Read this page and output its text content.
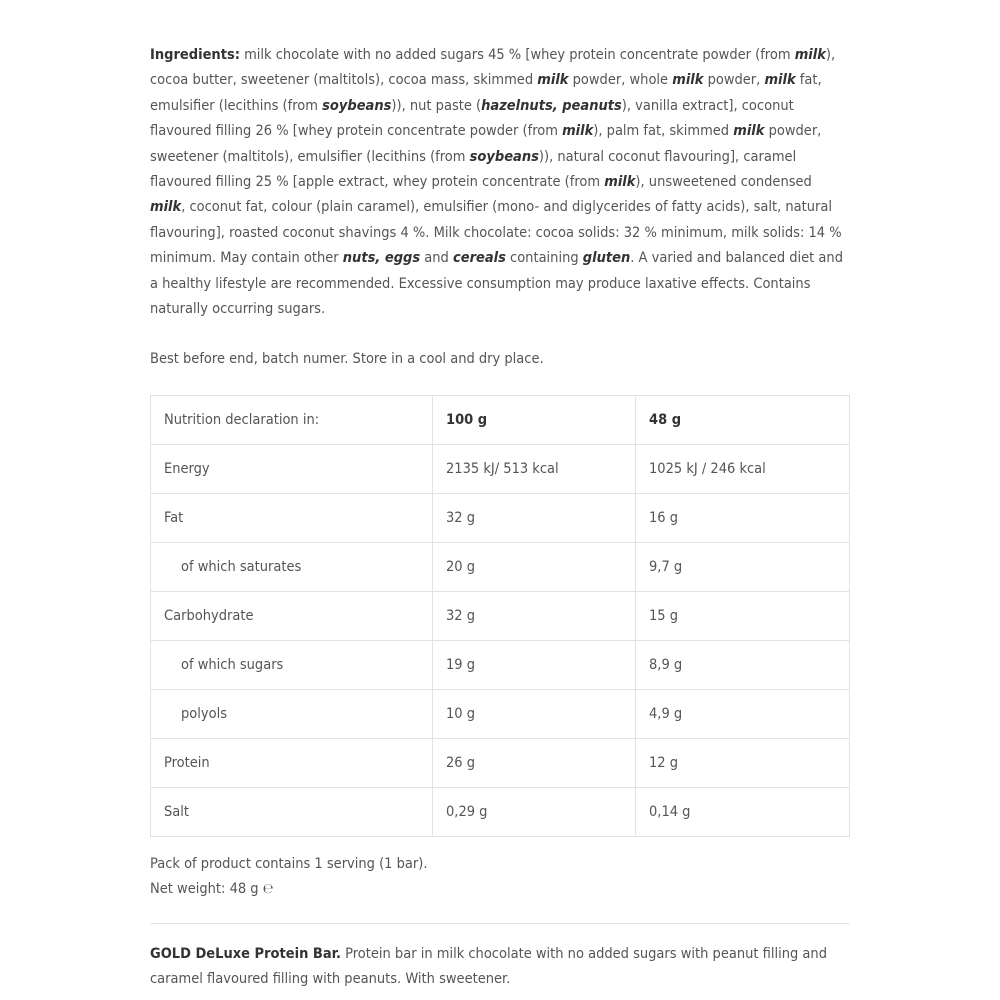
Ingredients: milk chocolate with no added sugars 45 % [whey protein concentrate powder (from milk), cocoa butter, sweetener (maltitols), cocoa mass, skimmed milk powder, whole milk powder, milk fat, emulsifier (lecithins (from soybeans)), nut paste (hazelnuts, peanuts), vanilla extract], coconut flavoured filling 26 % [whey protein concentrate powder (from milk), palm fat, skimmed milk powder, sweetener (maltitols), emulsifier (lecithins (from soybeans)), natural coconut flavouring], caramel flavoured filling 25 % [apple extract, whey protein concentrate (from milk), unsweetened condensed milk, coconut fat, colour (plain caramel), emulsifier (mono- and diglycerides of fatty acids), salt, natural flavouring], roasted coconut shavings 4 %. Milk chocolate: cocoa solids: 32 % minimum, milk solids: 14 % minimum. May contain other nuts, eggs and cereals containing gluten. A varied and balanced diet and a healthy lifestyle are recommended. Excessive consumption may produce laxative effects. Contains naturally occurring sugars.

Best before end, batch numer. Store in a cool and dry place.

Nutrition declaration in:	100 g	48 g
Energy	2135 kJ/ 513 kcal	1025 kJ / 246 kcal
Fat	32 g	16 g
of which saturates	20 g	9,7 g
Carbohydrate	32 g	15 g
of which sugars	19 g	8,9 g
polyols	10 g	4,9 g
Protein	26 g	12 g
Salt	0,29 g	0,14 g

Pack of product contains 1 serving (1 bar).
Net weight: 48 g ℮

GOLD DeLuxe Protein Bar. Protein bar in milk chocolate with no added sugars with peanut filling and caramel flavoured filling with peanuts. With sweetener.
